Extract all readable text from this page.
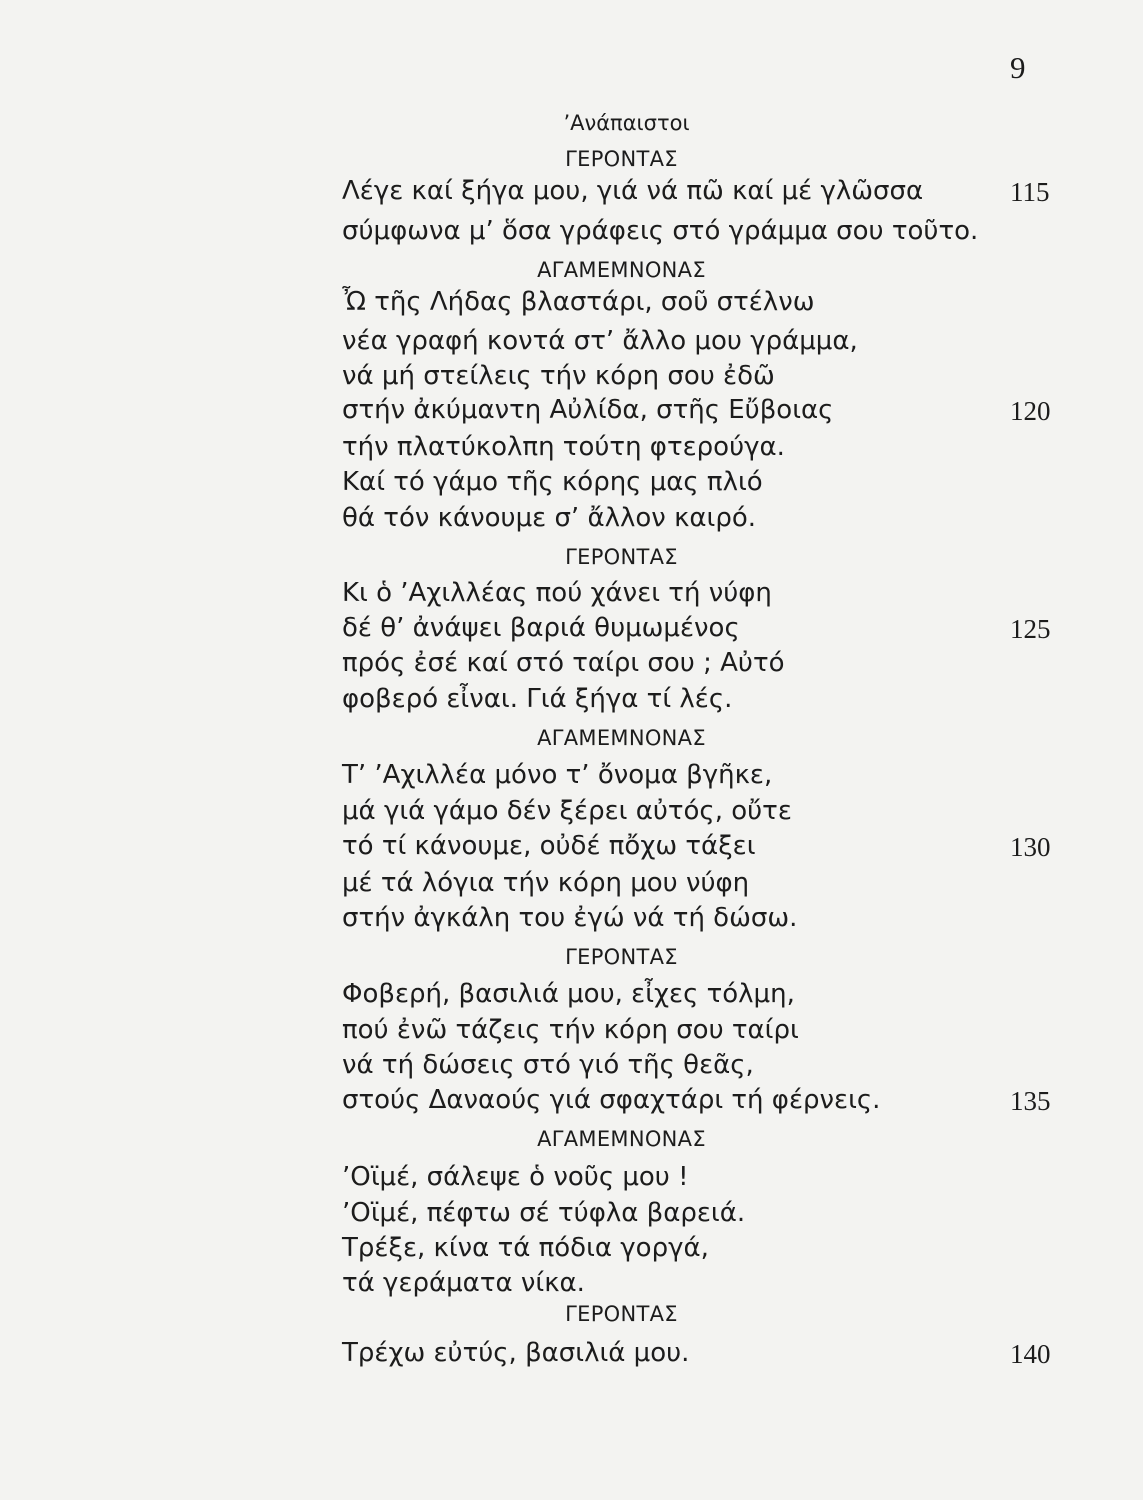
9
’Ανάπαιστοι
ΓΕΡΟΝΤΑΣ
Λέγε καί ξήγα μου, γιά νά πῶ καί μέ γλῶσσα	115
σύμφωνα μ’ ὅσα γράφεις στό γράμμα σου τοῦτο.
ΑΓΑΜΕΜΝΟΝΑΣ
Ὦ τῆς Λήδας βλαστάρι, σοῦ στέλνω
νέα γραφή κοντά στ’ ἄλλο μου γράμμα,
νά μή στείλεις τήν κόρη σου ἐδῶ
στήν ἀκύμαντη Αὐλίδα, στῆς Εὔβοιας	120
τήν πλατύκολπη τούτη φτερούγα.
Καί τό γάμο τῆς κόρης μας πλιό
θά τόν κάνουμε σ’ ἄλλον καιρό.
ΓΕΡΟΝΤΑΣ
Κι ὁ ’Αχιλλέας πού χάνει τή νύφη
δέ θ’ ἀνάψει βαριά θυμωμένος	125
πρός ἐσέ καί στό ταίρι σου ; Αὐτό
φοβερό εἶναι. Γιά ξήγα τί λές.
ΑΓΑΜΕΜΝΟΝΑΣ
Τ’ ’Αχιλλέα μόνο τ’ ὄνομα βγῆκε,
μά γιά γάμο δέν ξέρει αὐτός, οὔτε
τό τί κάνουμε, οὐδέ πὄχω τάξει	130
μέ τά λόγια τήν κόρη μου νύφη
στήν ἀγκάλη του ἐγώ νά τή δώσω.
ΓΕΡΟΝΤΑΣ
Φοβερή, βασιλιά μου, εἶχες τόλμη,
πού ἐνῶ τάζεις τήν κόρη σου ταίρι
νά τή δώσεις στό γιό τῆς θεᾶς,
στούς Δαναούς γιά σφαχτάρι τή φέρνεις.	135
ΑΓΑΜΕΜΝΟΝΑΣ
’Οϊμέ, σάλεψε ὁ νοῦς μου !
’Οϊμέ, πέφτω σέ τύφλα βαρειά.
Τρέξε, κίνα τά πόδια γοργά,
τά γεράματα νίκα.
ΓΕΡΟΝΤΑΣ
Τρέχω εὐτύς, βασιλιά μου.	140
